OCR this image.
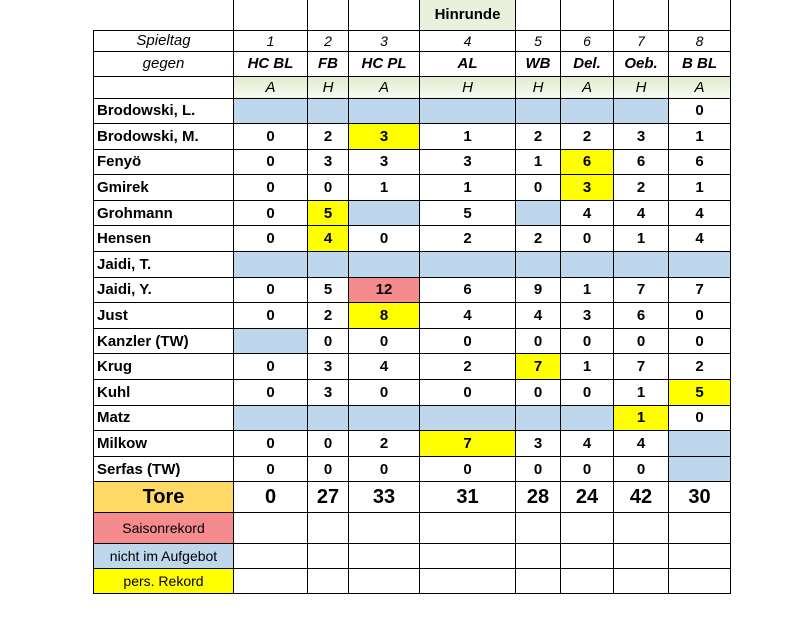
				Hinrunde				
Spieltag	1	2	3	4	5	6	7	8
gegen	HC BL	FB	HC PL	AL	WB	Del.	Oeb.	B BL
	A	H	A	H	H	A	H	A
Brodowski, L.								0
Brodowski, M.	0	2	3	1	2	2	3	1
Fenyö	0	3	3	3	1	6	6	6
Gmirek	0	0	1	1	0	3	2	1
Grohmann	0	5		5		4	4	4
Hensen	0	4	0	2	2	0	1	4
Jaidi, T.								
Jaidi, Y.	0	5	12	6	9	1	7	7
Just	0	2	8	4	4	3	6	0
Kanzler (TW)		0	0	0	0	0	0	0
Krug	0	3	4	2	7	1	7	2
Kuhl	0	3	0	0	0	0	1	5
Matz							1	0
Milkow	0	0	2	7	3	4	4	
Serfas (TW)	0	0	0	0	0	0	0	
Tore	0	27	33	31	28	24	42	30
Saisonrekord								
nicht im Aufgebot								
pers. Rekord								
